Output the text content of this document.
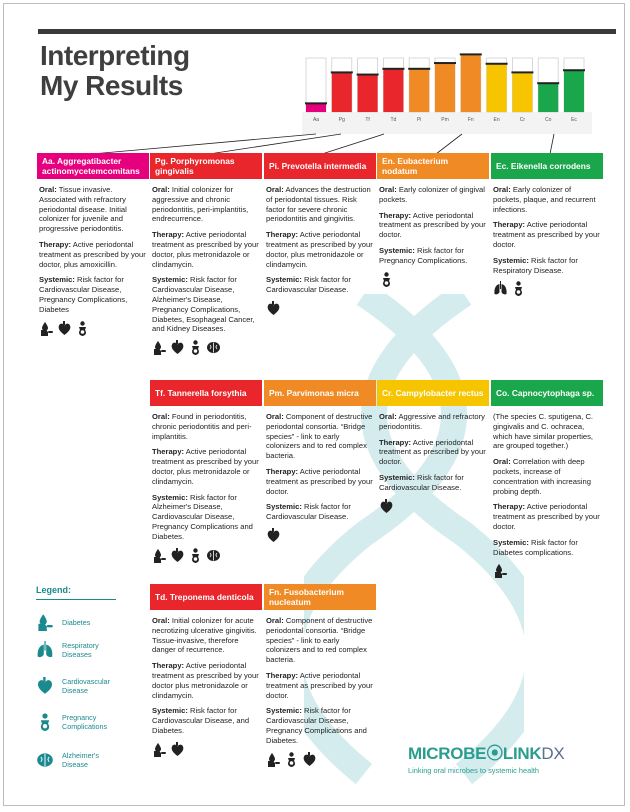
Interpreting
My Results
Aa	Pg	Tf	Td	Pi	Pm	Fn	En	Cr	Co	Ec
Aa. Aggregatibacter actinomycetemcomitans

Oral: Tissue invasive. Associated with refractory periodontal disease. Initial colonizer for juvenile and progressive periodontitis.

Therapy: Active periodontal treatment as prescribed by your doctor, plus amoxicillin.

Systemic: Risk factor for Cardiovascular Disease, Pregnancy Complications, Diabetes

Pg. Porphyromonas gingivalis

Oral: Initial colonizer for aggressive and chronic periodontitis, peri-implantitis, endrecurrence.

Therapy: Active periodontal treatment as prescribed by your doctor, plus metronidazole or clindamycin.

Systemic: Risk factor for Cardiovascular Disease, Alzheimer's Disease, Pregnancy Complications, Diabetes, Esophageal Cancer, and Kidney Diseases.

Pi. Prevotella intermedia

Oral: Advances the destruction of periodontal tissues. Risk factor for severe chronic periodontitis and gingivitis.

Therapy: Active periodontal treatment as prescribed by your doctor, plus metronidazole or clindamycin.

Systemic: Risk factor for Cardiovascular Disease.

En. Eubacterium nodatum

Oral: Early colonizer of gingival pockets.

Therapy: Active periodontal treatment as prescribed by your doctor.

Systemic: Risk factor for Pregnancy Complications.

Ec. Eikenella corrodens

Oral: Early colonizer of pockets, plaque, and recurrent infections.

Therapy: Active periodontal treatment as prescribed by your doctor.

Systemic: Risk factor for Respiratory Disease.

Tf. Tannerella forsythia

Oral: Found in periodontitis, chronic periodontitis and peri-implantitis.

Therapy: Active periodontal treatment as prescribed by your doctor, plus metronidazole or clindamycin.

Systemic: Risk factor for Alzheimer's Disease, Cardiovascular Disease, Pregnancy Complications and Diabetes.

Pm. Parvimonas micra

Oral: Component of destructive periodontal consortia. “Bridge species” - link to early colonizers and to red complex bacteria.

Therapy: Active periodontal treatment as prescribed by your doctor.

Systemic: Risk factor for Cardiovascular Disease.

Cr. Campylobacter rectus

Oral: Aggressive and refractory periodontitis.

Therapy: Active periodontal treatment as prescribed by your doctor.

Systemic: Risk factor for Cardiovascular Disease.

Co. Capnocytophaga sp.

(The species C. sputigena, C. gingivalis and C. ochracea, which have similar properties, are grouped together.)

Oral: Correlation with deep pockets, increase of concentration with increasing probing depth.

Therapy: Active periodontal treatment as prescribed by your doctor.

Systemic: Risk factor for Diabetes complications.

Td. Treponema denticola

Oral: Initial colonizer for acute necrotizing ulcerative gingivitis. Tissue-invasive, therefore danger of recurrence.

Therapy: Active periodontal treatment as prescribed by your doctor plus metronidazole or clindamycin.

Systemic: Risk factor for Cardiovascular Disease, and Diabetes.

Fn. Fusobacterium nucleatum

Oral: Component of destructive periodontal consortia. “Bridge species” - link to early colonizers and to red complex bacteria.

Therapy: Active periodontal treatment as prescribed by your doctor.

Systemic: Risk factor for Cardiovascular Disease, Pregnancy Complications and Diabetes.

Legend:
Diabetes
Respiratory Diseases
Cardiovascular Disease
Pregnancy Complications
Alzheimer's Disease
MICROBE⦿LINKDX
Linking oral microbes to systemic health
